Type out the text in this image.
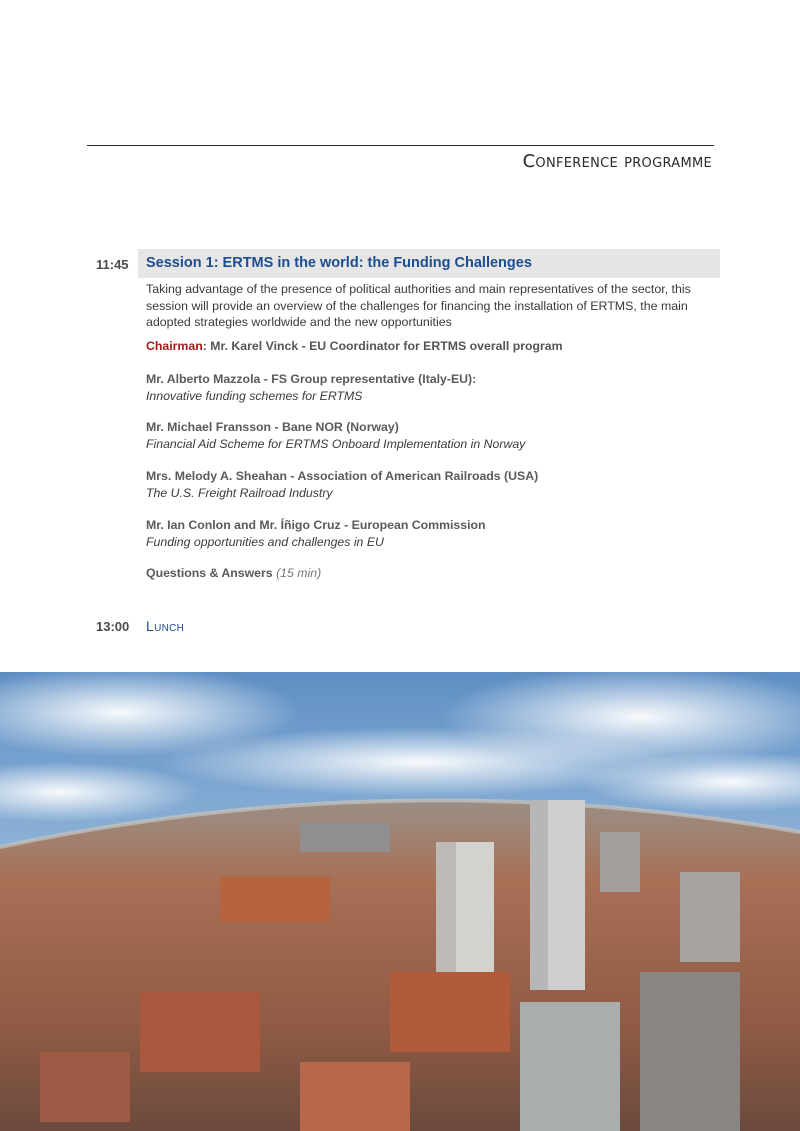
Conference programme
11:45 Session 1: ERTMS in the world: the Funding Challenges
Taking advantage of the presence of political authorities and main representatives of the sector, this session will provide an overview of the challenges for financing the installation of ERTMS, the main adopted strategies worldwide and the new opportunities
Chairman: Mr. Karel Vinck - EU Coordinator for ERTMS overall program
Mr. Alberto Mazzola - FS Group representative (Italy-EU):
Innovative funding schemes for ERTMS
Mr. Michael Fransson - Bane NOR (Norway)
Financial Aid Scheme for ERTMS Onboard Implementation in Norway
Mrs. Melody A. Sheahan - Association of American Railroads (USA)
The U.S. Freight Railroad Industry
Mr. Ian Conlon and Mr. Íñigo Cruz - European Commission
Funding opportunities and challenges in EU
Questions & Answers (15 min)
13:00 Lunch
